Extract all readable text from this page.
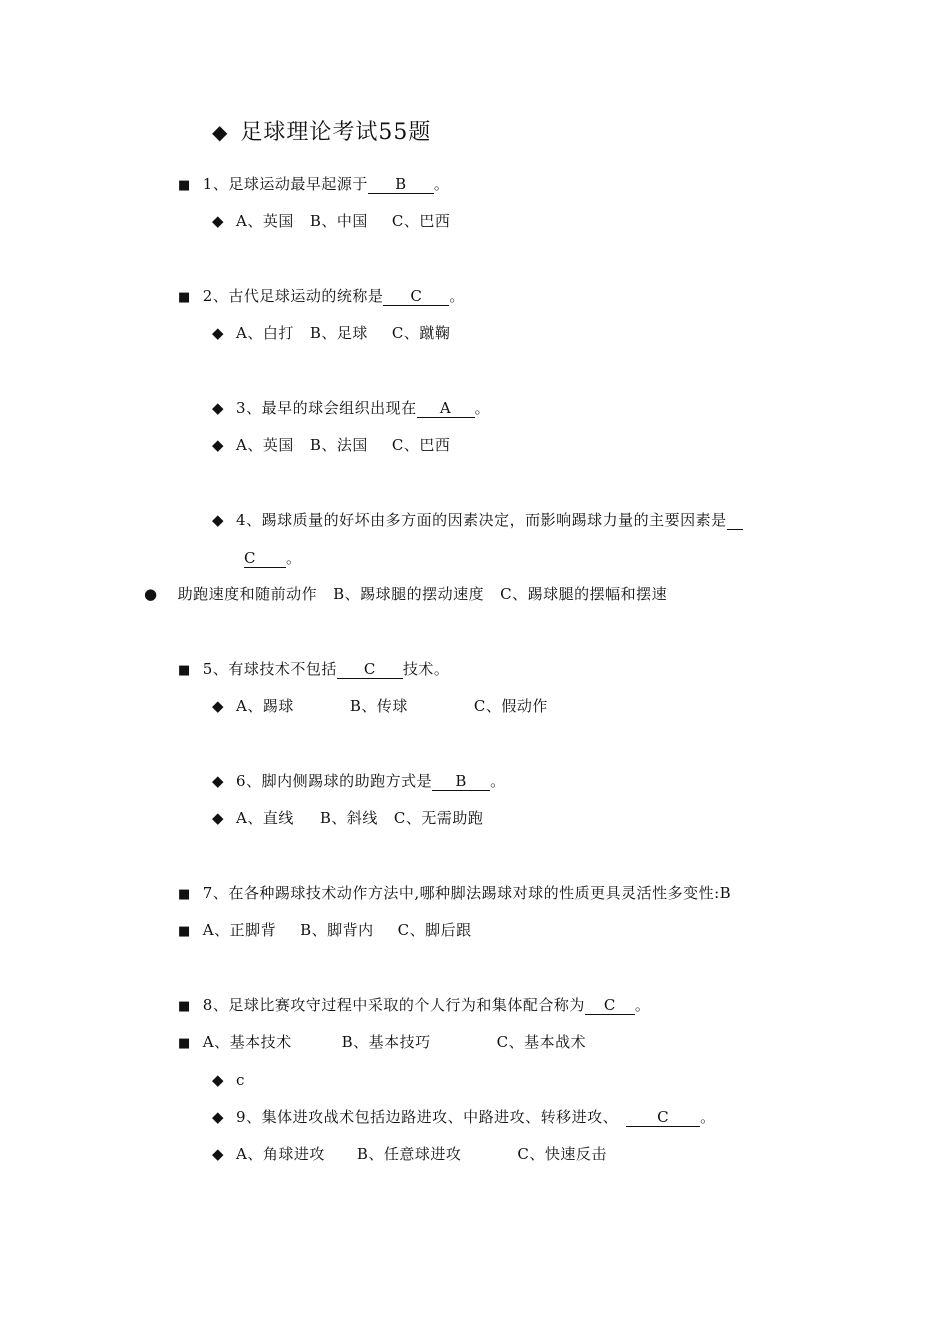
◆ 足球理论考试55题
■ 1、足球运动最早起源于 B 。
◆ A、英国 B、中国 C、巴西
■ 2、古代足球运动的统称是 C 。
◆ A、白打 B、足球 C、蹴鞠
◆ 3、最早的球会组织出现在 A 。
◆ A、英国 B、法国 C、巴西
◆ 4、踢球质量的好坏由多方面的因素决定，而影响踢球力量的主要因素是
C 。
● 助跑速度和随前动作 B、踢球腿的摆动速度 C、踢球腿的摆幅和摆速
■ 5、有球技术不包括 C 技术。
◆ A、踢球	B、传球	C、假动作
◆ 6、脚内侧踢球的助跑方式是 B 。
◆ A、直线 B、斜线 C、无需助跑
■ 7、在各种踢球技术动作方法中,哪种脚法踢球对球的性质更具灵活性多变性:B
■ A、正脚背 B、脚背内 C、脚后跟
■ 8、足球比赛攻守过程中采取的个人行为和集体配合称为 C 。
■ A、基本技术	B、基本技巧	C、基本战术
◆ c
◆ 9、集体进攻战术包括边路进攻、中路进攻、转移进攻、	C 。
◆ A、角球进攻 B、任意球进攻	C、快速反击
